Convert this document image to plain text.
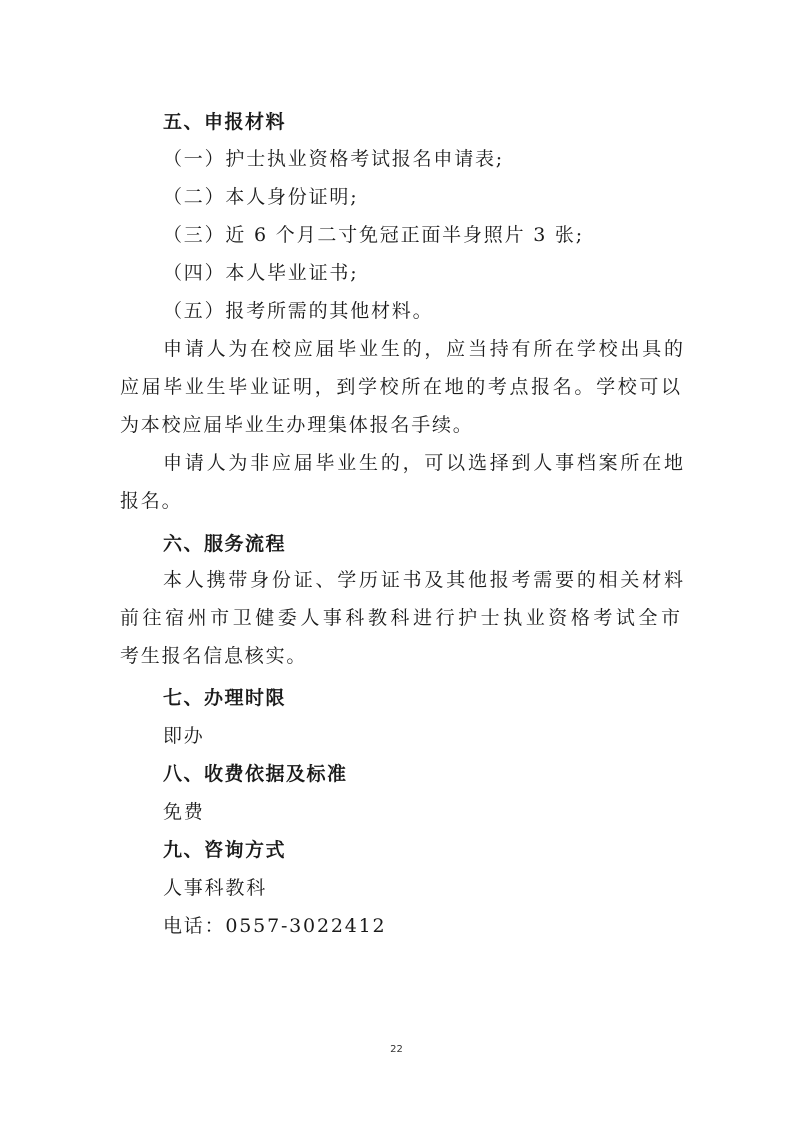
五、申报材料
（一）护士执业资格考试报名申请表;
（二）本人身份证明;
（三）近 6 个月二寸免冠正面半身照片 3 张;
（四）本人毕业证书;
（五）报考所需的其他材料。
申请人为在校应届毕业生的，应当持有所在学校出具的
应届毕业生毕业证明，到学校所在地的考点报名。学校可以
为本校应届毕业生办理集体报名手续。
申请人为非应届毕业生的，可以选择到人事档案所在地
报名。
六、服务流程
本人携带身份证、学历证书及其他报考需要的相关材料
前往宿州市卫健委人事科教科进行护士执业资格考试全市
考生报名信息核实。
七、办理时限
即办
八、收费依据及标准
免费
九、咨询方式
人事科教科
电话：0557-3022412
22
